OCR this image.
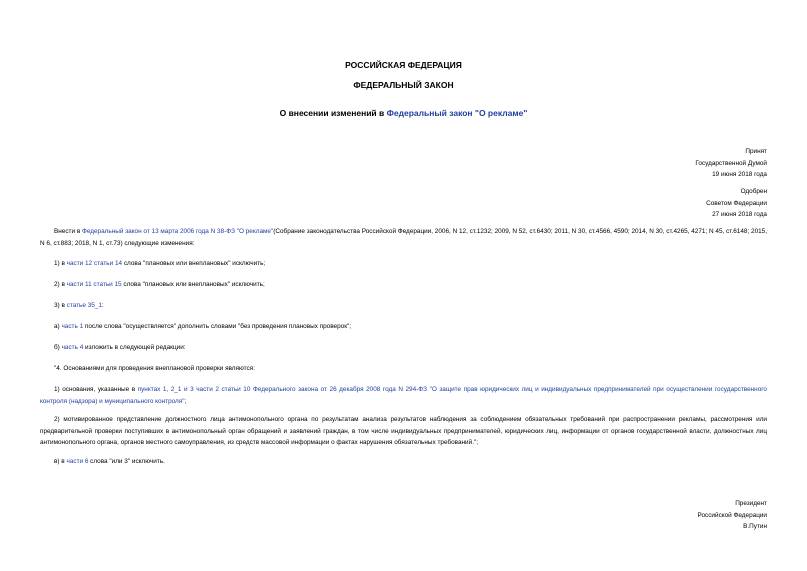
РОССИЙСКАЯ ФЕДЕРАЦИЯ
ФЕДЕРАЛЬНЫЙ ЗАКОН
О внесении изменений в Федеральный закон "О рекламе"
Принят
Государственной Думой
19 июня 2018 года
Одобрен
Советом Федерации
27 июня 2018 года
Внести в Федеральный закон от 13 марта 2006 года N 38-ФЗ "О рекламе"(Собрание законодательства Российской Федерации, 2006, N 12, ст.1232; 2009, N 52, ст.6430; 2011, N 30, ст.4566, 4590; 2014, N 30, ст.4265, 4271; N 45, ст.6148; 2015, N 6, ст.883; 2018, N 1, ст.73) следующие изменения:
1) в части 12 статьи 14 слова "плановых или внеплановых" исключить;
2) в части 11 статьи 15 слова "плановых или внеплановых" исключить;
3) в статье 35_1:
а) часть 1 после слова "осуществляется" дополнить словами "без проведения плановых проверок";
б) часть 4 изложить в следующей редакции:
"4. Основаниями для проведения внеплановой проверки являются:
1) основания, указанные в пунктах 1, 2_1 и 3 части 2 статьи 10 Федерального закона от 26 декабря 2008 года N 294-ФЗ "О защите прав юридических лиц и индивидуальных предпринимателей при осуществлении государственного контроля (надзора) и муниципального контроля";
2) мотивированное представление должностного лица антимонопольного органа по результатам анализа результатов наблюдения за соблюдением обязательных требований при распространении рекламы, рассмотрения или предварительной проверки поступивших в антимонопольный орган обращений и заявлений граждан, в том числе индивидуальных предпринимателей, юридических лиц, информации от органов государственной власти, должностных лиц антимонопольного органа, органов местного самоуправления, из средств массовой информации о фактах нарушения обязательных требований.";
в) в части 6 слова "или 3" исключить.
Президент
Российской Федерации
В.Путин
